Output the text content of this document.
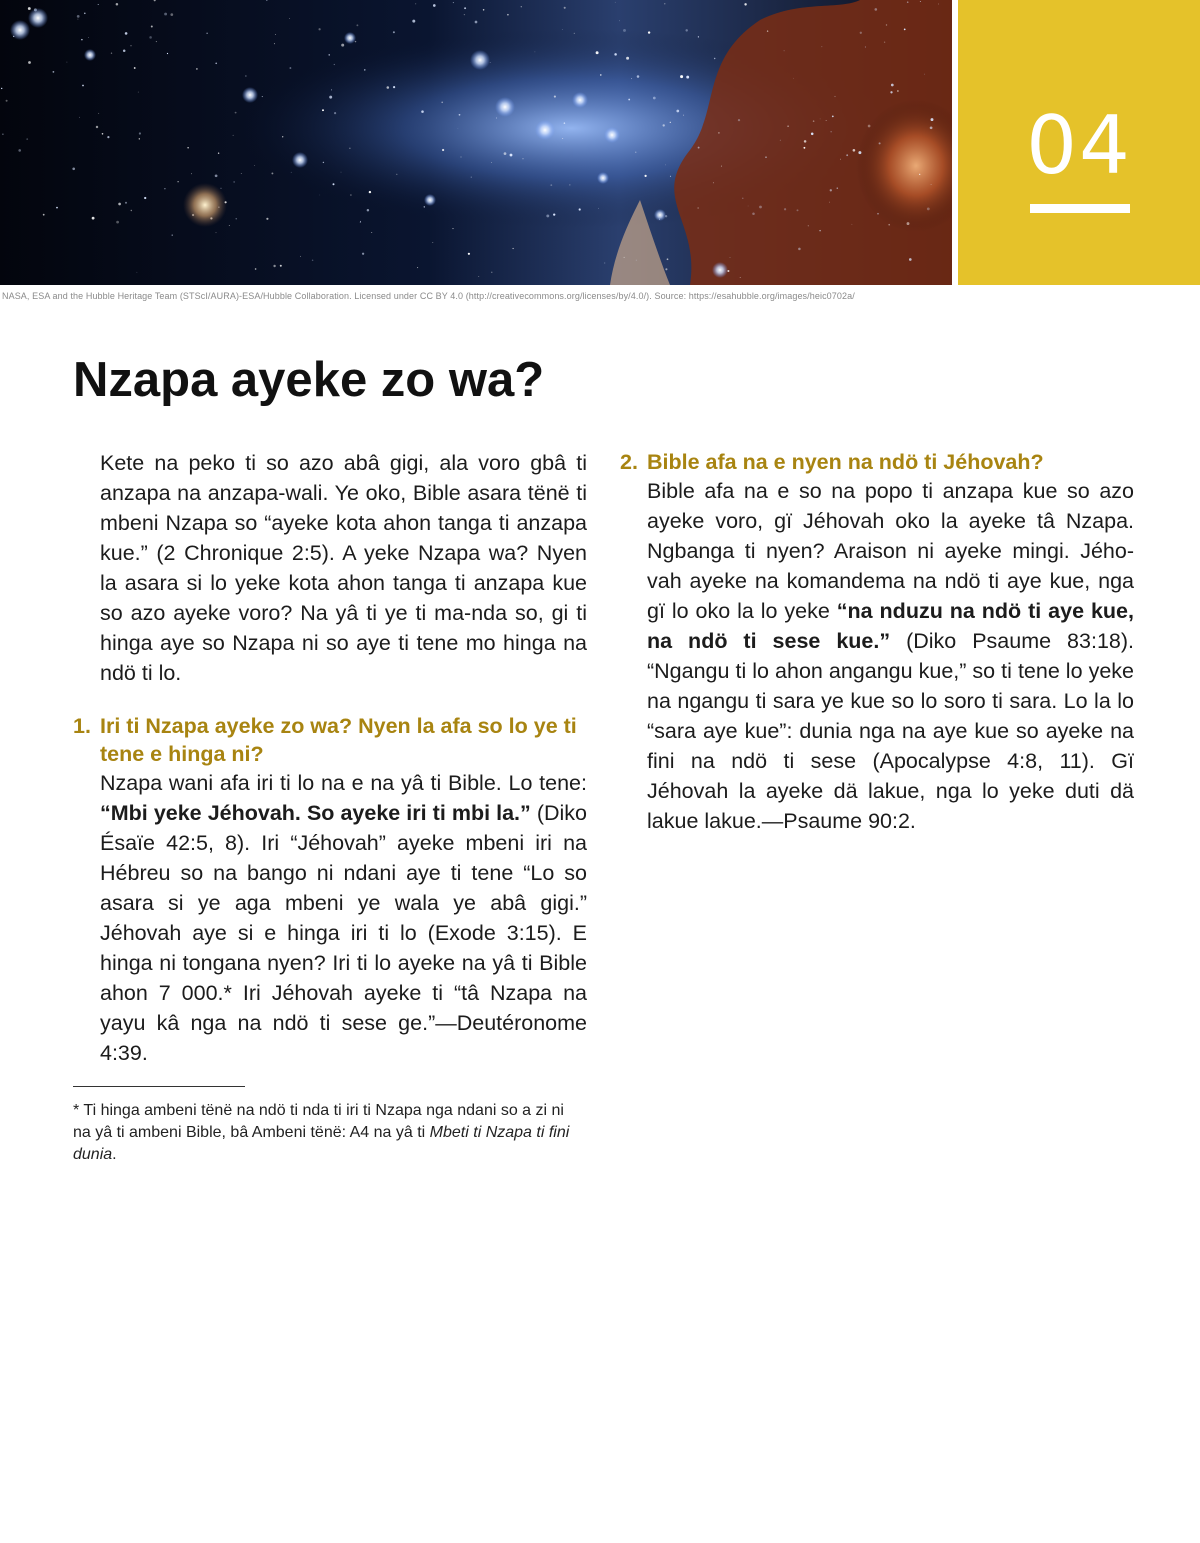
04
NASA, ESA and the Hubble Heritage Team (STScI/AURA)-ESA/Hubble Collaboration. Licensed under CC BY 4.0 (http://creativecommons.org/licenses/by/4.0/). Source: https://esahubble.org/images/heic0702a/
Nzapa ayeke zo wa?

Kete na peko ti so azo abâ gigi, ala voro gbâ ti anzapa na anzapa-wali. Ye oko, Bible asara tënë ti mbeni Nzapa so “ayeke kota ahon tanga ti anzapa kue.” (2 Chronique 2:5). A yeke Nzapa wa? Nyen la asara si lo yeke kota ahon tanga ti anzapa kue so azo ayeke voro? Na yâ ti ye ti ma-nda so, gi ti hinga aye so Nzapa ni so aye ti tene mo hinga na ndö ti lo.

1. Iri ti Nzapa ayeke zo wa? Nyen la afa so lo ye ti tene e hinga ni?

Nzapa wani afa iri ti lo na e na yâ ti Bible. Lo tene: “Mbi yeke Jéhovah. So ayeke iri ti mbi la.” (Diko Ésaïe 42:5, 8). Iri “Jéhovah” ayeke mbeni iri na Hébreu so na bango ni ndani aye ti tene “Lo so asara si ye aga mbeni ye wala ye abâ gigi.” Jéhovah aye si e hinga iri ti lo (Exode 3:15). E hinga ni tongana nyen? Iri ti lo ayeke na yâ ti Bible ahon 7 000.* Iri Jéhovah ayeke ti “tâ Nzapa na yayu kâ nga na ndö ti sese ge.”—Deutéronome 4:39.

2. Bible afa na e nyen na ndö ti Jéhovah?

Bible afa na e so na popo ti anzapa kue so azo ayeke voro, gï Jéhovah oko la ayeke tâ Nzapa. Ngbanga ti nyen? Araison ni ayeke mingi. Jého-vah ayeke na komandema na ndö ti aye kue, nga gï lo oko la lo yeke “na nduzu na ndö ti aye kue, na ndö ti sese kue.” (Diko Psaume 83:18). “Ngangu ti lo ahon angangu kue,” so ti tene lo yeke na ngangu ti sara ye kue so lo soro ti sara. Lo la lo “sara aye kue”: dunia nga na aye kue so ayeke na fini na ndö ti sese (Apocalypse 4:8, 11). Gï Jéhovah la ayeke dä lakue, nga lo yeke duti dä lakue lakue.—Psaume 90:2.

* Ti hinga ambeni tënë na ndö ti nda ti iri ti Nzapa nga ndani so a zi ni na yâ ti ambeni Bible, bâ Ambeni tënë: A4 na yâ ti Mbeti ti Nzapa ti fini dunia.
